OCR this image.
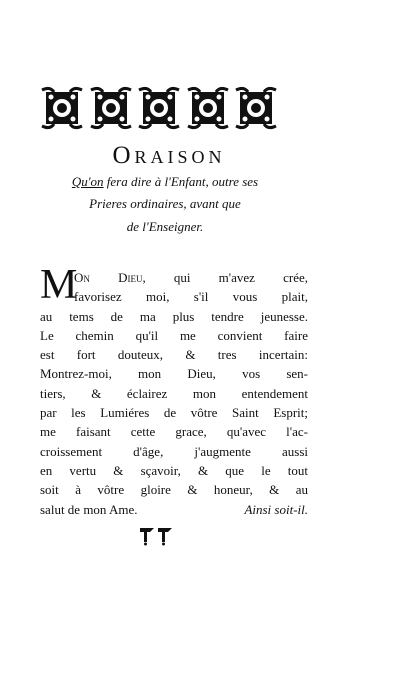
Oraison
Qu'on fera dire à l'Enfant, outre ses
Prieres ordinaires, avant que
de l'Enseigner.
M
On Dieu, qui m'avez crée,
favorisez moi, s'il vous plait,
au tems de ma plus tendre jeunesse.
Le chemin qu'il me convient faire
est fort douteux, & tres incertain:
Montrez-moi, mon Dieu, vos sen-
tiers, & éclairez mon entendement
par les Lumiéres de vôtre Saint Esprit;
me faisant cette grace, qu'avec l'ac-
croissement d'âge, j'augmente aussi
en vertu & sçavoir, & que le tout
soit à vôtre gloire & honeur, & au
salut de mon Ame.	Ainsi soit-il.
